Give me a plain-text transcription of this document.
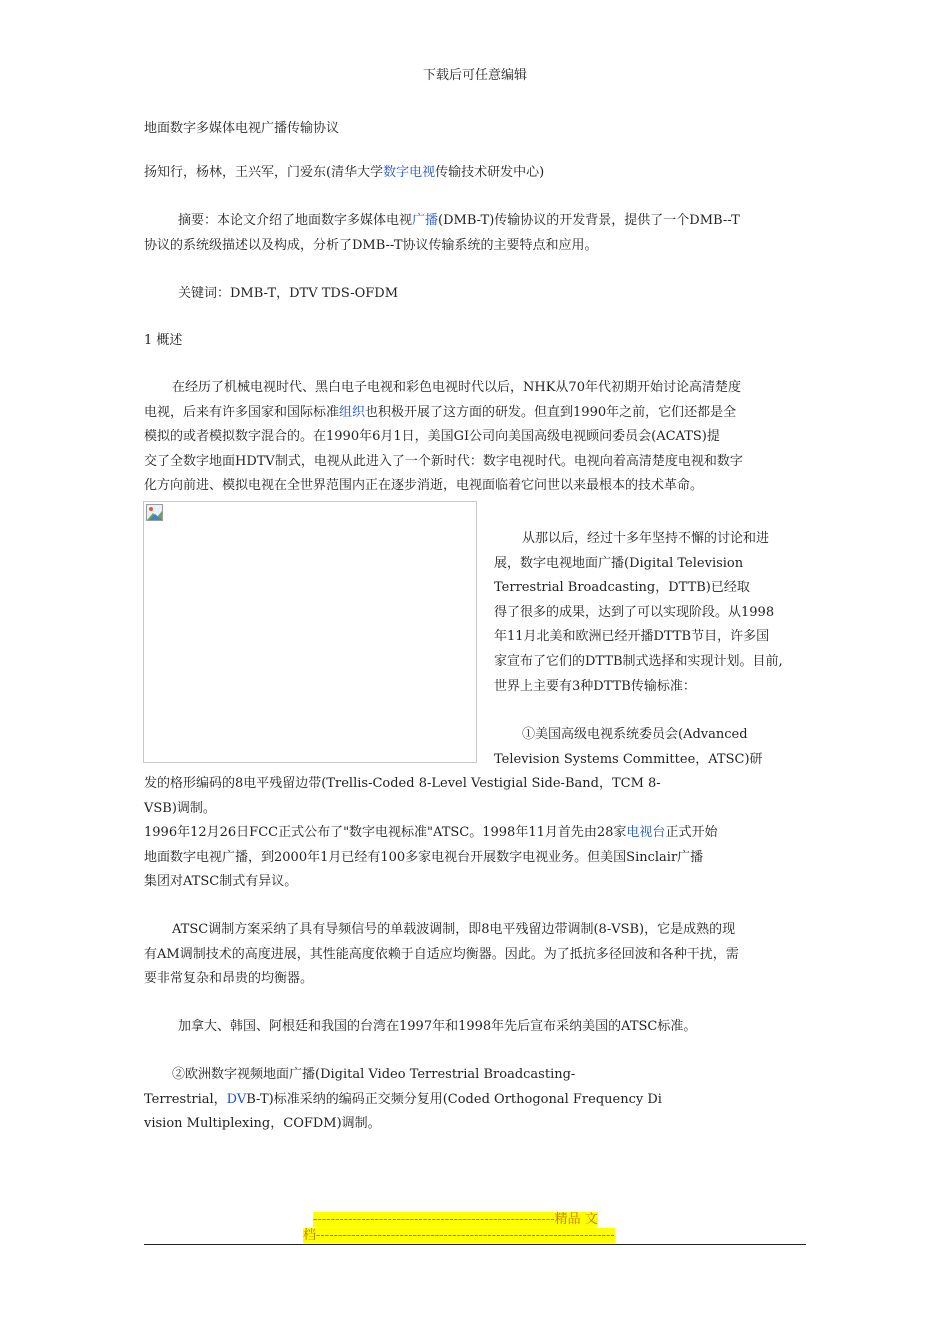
下载后可任意编辑

地面数字多媒体电视广播传输协议

扬知行，杨林，王兴军，门爱东(清华大学数字电视传输技术研发中心)

摘要：本论文介绍了地面数字多媒体电视广播(DMB-T)传输协议的开发背景，提供了一个DMB--T
协议的系统级描述以及构成，分析了DMB--T协议传输系统的主要特点和应用。

关键词：DMB-T，DTV TDS-OFDM

1 概述

在经历了机械电视时代、黑白电子电视和彩色电视时代以后，NHK从70年代初期开始讨论高清楚度
电视，后来有许多国家和国际标准组织也积极开展了这方面的研发。但直到1990年之前，它们还都是全
模拟的或者模拟数字混合的。在1990年6月1日，美国GI公司向美国高级电视顾问委员会(ACATS)提
交了全数字地面HDTV制式，电视从此进入了一个新时代：数字电视时代。电视向着高清楚度电视和数字
化方向前进、模拟电视在全世界范围内正在逐步消逝，电视面临着它问世以来最根本的技术革命。

从那以后，经过十多年坚持不懈的讨论和进
展，数字电视地面广播(Digital Television
Terrestrial Broadcasting，DTTB)已经取
得了很多的成果，达到了可以实现阶段。从1998
年11月北美和欧洲已经开播DTTB节目，许多国
家宣布了它们的DTTB制式选择和实现计划。目前,
世界上主要有3种DTTB传输标准：

①美国高级电视系统委员会(Advanced
Television Systems Committee，ATSC)研

发的格形编码的8电平残留边带(Trellis-Coded 8-Level Vestigial Side-Band，TCM 8-
VSB)调制。

1996年12月26日FCC正式公布了"数字电视标准"ATSC。1998年11月首先由28家电视台正式开始
地面数字电视广播，到2000年1月已经有100多家电视台开展数字电视业务。但美国Sinclair广播
集团对ATSC制式有异议。

ATSC调制方案采纳了具有导频信号的单载波调制，即8电平残留边带调制(8-VSB)，它是成熟的现
有AM调制技术的高度进展，其性能高度依赖于自适应均衡器。因此。为了抵抗多径回波和各种干扰，需
要非常复杂和昂贵的均衡器。

加拿大、韩国、阿根廷和我国的台湾在1997年和1998年先后宣布采纳美国的ATSC标准。

②欧洲数字视频地面广播(Digital Video Terrestrial Broadcasting-
Terrestrial，DVB-T)标准采纳的编码正交频分复用(Coded Orthogonal Frequency Di
vision Multiplexing，COFDM)调制。

-------------------------------------------------------精品 文
档--------------------------------------------------------------------
